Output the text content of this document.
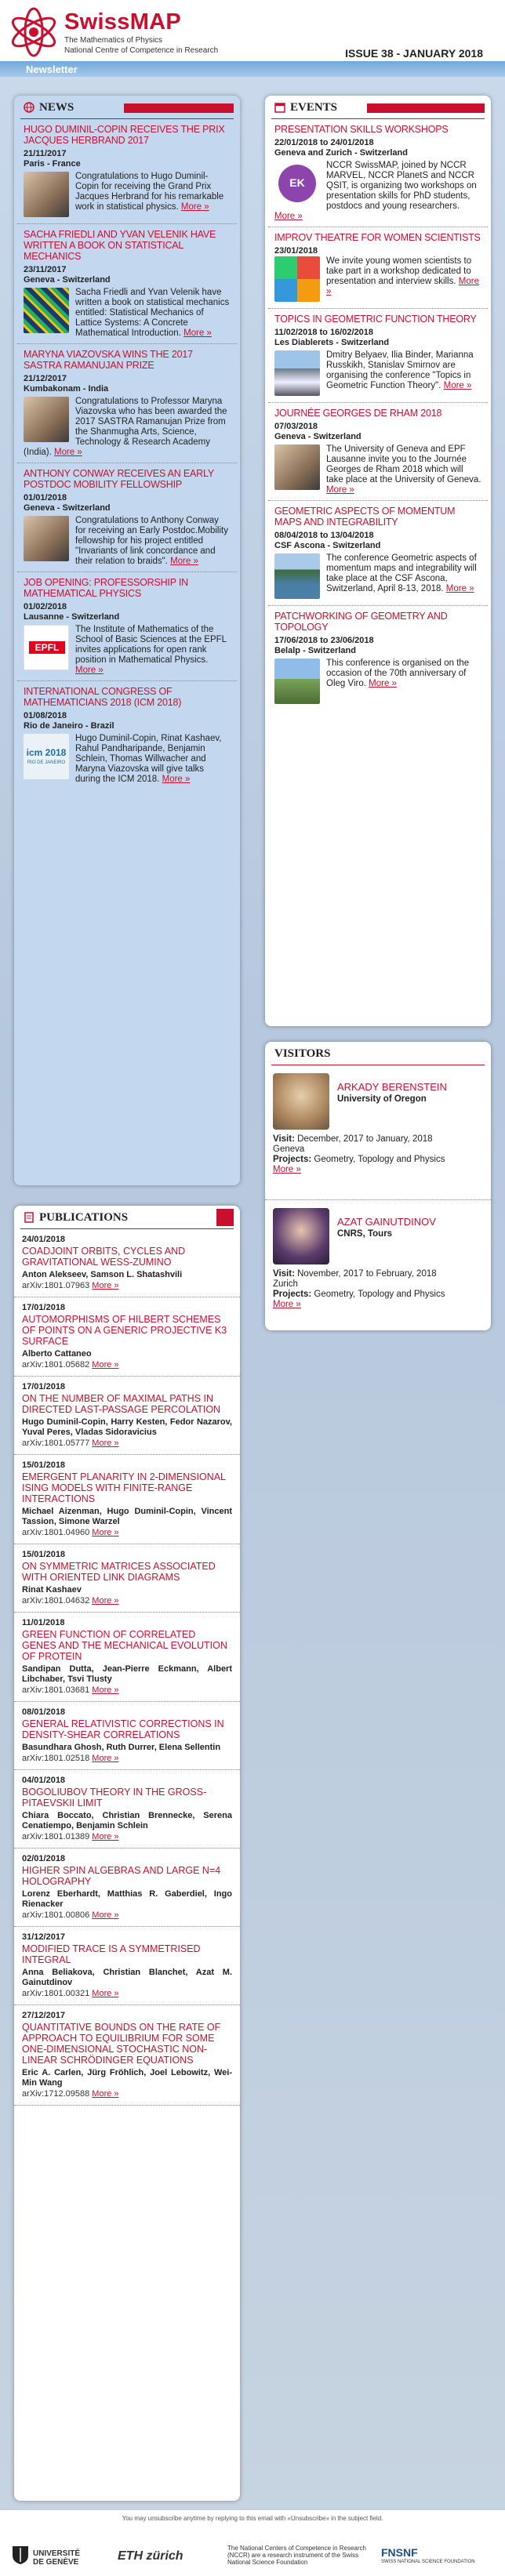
SwissMAP
The Mathematics of Physics
National Centre of Competence in Research	ISSUE 38 - JANUARY 2018
Newsletter
NEWS
HUGO DUMINIL-COPIN RECEIVES THE PRIX JACQUES HERBRAND 2017
21/11/2017
Paris - France
Congratulations to Hugo Duminil-Copin for receiving the Grand Prix Jacques Herbrand for his remarkable work in statistical physics. More »
SACHA FRIEDLI AND YVAN VELENIK HAVE WRITTEN A BOOK ON STATISTICAL MECHANICS
23/11/2017
Geneva - Switzerland
Sacha Friedli and Yvan Velenik have written a book on statistical mechanics entitled: Statistical Mechanics of Lattice Systems: A Concrete Mathematical Introduction. More »
MARYNA VIAZOVSKA WINS THE 2017 SASTRA RAMANUJAN PRIZE
21/12/2017
Kumbakonam - India
Congratulations to Professor Maryna Viazovska who has been awarded the 2017 SASTRA Ramanujan Prize from the Shanmugha Arts, Science, Technology & Research Academy (India). More »
ANTHONY CONWAY RECEIVES AN EARLY POSTDOC MOBILITY FELLOWSHIP
01/01/2018
Geneva - Switzerland
Congratulations to Anthony Conway for receiving an Early Postdoc.Mobility fellowship for his project entitled "Invariants of link concordance and their relation to braids". More »
JOB OPENING: PROFESSORSHIP IN MATHEMATICAL PHYSICS
01/02/2018
Lausanne - Switzerland
EPFL
The Institute of Mathematics of the School of Basic Sciences at the EPFL invites applications for open rank position in Mathematical Physics. More »
INTERNATIONAL CONGRESS OF MATHEMATICIANS 2018 (ICM 2018)
01/08/2018
Rio de Janeiro - Brazil
icm 2018
RIO DE JANEIRO
Hugo Duminil-Copin, Rinat Kashaev, Rahul Pandharipande, Benjamin Schlein, Thomas Willwacher and Maryna Viazovska will give talks during the ICM 2018. More »
PUBLICATIONS
24/01/2018
COADJOINT ORBITS, CYCLES AND GRAVITATIONAL WESS-ZUMINO
Anton Alekseev, Samson L. Shatashvili
arXiv:1801.07963 More »
17/01/2018
AUTOMORPHISMS OF HILBERT SCHEMES OF POINTS ON A GENERIC PROJECTIVE K3 SURFACE
Alberto Cattaneo
arXiv:1801.05682 More »
17/01/2018
ON THE NUMBER OF MAXIMAL PATHS IN DIRECTED LAST-PASSAGE PERCOLATION
Hugo Duminil-Copin, Harry Kesten, Fedor Nazarov, Yuval Peres, Vladas Sidoravicius
arXiv:1801.05777 More »
15/01/2018
EMERGENT PLANARITY IN 2-DIMENSIONAL ISING MODELS WITH FINITE-RANGE INTERACTIONS
Michael Aizenman, Hugo Duminil-Copin, Vincent Tassion, Simone Warzel
arXiv:1801.04960 More »
15/01/2018
ON SYMMETRIC MATRICES ASSOCIATED WITH ORIENTED LINK DIAGRAMS
Rinat Kashaev
arXiv:1801.04632 More »
11/01/2018
GREEN FUNCTION OF CORRELATED GENES AND THE MECHANICAL EVOLUTION OF PROTEIN
Sandipan Dutta, Jean-Pierre Eckmann, Albert Libchaber, Tsvi Tlusty
arXiv:1801.03681 More »
08/01/2018
GENERAL RELATIVISTIC CORRECTIONS IN DENSITY-SHEAR CORRELATIONS
Basundhara Ghosh, Ruth Durrer, Elena Sellentin
arXiv:1801.02518 More »
04/01/2018
BOGOLIUBOV THEORY IN THE GROSS-PITAEVSKII LIMIT
Chiara Boccato, Christian Brennecke, Serena Cenatiempo, Benjamin Schlein
arXiv:1801.01389 More »
02/01/2018
HIGHER SPIN ALGEBRAS AND LARGE N=4 HOLOGRAPHY
Lorenz Eberhardt, Matthias R. Gaberdiel, Ingo Rienacker
arXiv:1801.00806 More »
31/12/2017
MODIFIED TRACE IS A SYMMETRISED INTEGRAL
Anna Beliakova, Christian Blanchet, Azat M. Gainutdinov
arXiv:1801.00321 More »
27/12/2017
QUANTITATIVE BOUNDS ON THE RATE OF APPROACH TO EQUILIBRIUM FOR SOME ONE-DIMENSIONAL STOCHASTIC NON-LINEAR SCHRÖDINGER EQUATIONS
Eric A. Carlen, Jürg Fröhlich, Joel Lebowitz, Wei-Min Wang
arXiv:1712.09588 More »
EVENTS
PRESENTATION SKILLS WORKSHOPS
22/01/2018 to 24/01/2018
Geneva and Zurich - Switzerland
EK
NCCR SwissMAP, joined by NCCR MARVEL, NCCR PlanetS and NCCR QSIT, is organizing two workshops on presentation skills for PhD students, postdocs and young researchers. More »
IMPROV THEATRE FOR WOMEN SCIENTISTS
23/01/2018
We invite young women scientists to take part in a workshop dedicated to presentation and interview skills. More »
TOPICS IN GEOMETRIC FUNCTION THEORY
11/02/2018 to 16/02/2018
Les Diablerets - Switzerland
Dmitry Belyaev, Ilia Binder, Marianna Russkikh, Stanislav Smirnov are organising the conference "Topics in Geometric Function Theory". More »
JOURNÉE GEORGES DE RHAM 2018
07/03/2018
Geneva - Switzerland
The University of Geneva and EPF Lausanne invite you to the Journée Georges de Rham 2018 which will take place at the University of Geneva. More »
GEOMETRIC ASPECTS OF MOMENTUM MAPS AND INTEGRABILITY
08/04/2018 to 13/04/2018
CSF Ascona - Switzerland
The conference Geometric aspects of momentum maps and integrability will take place at the CSF Ascona, Switzerland, April 8-13, 2018. More »
PATCHWORKING OF GEOMETRY AND TOPOLOGY
17/06/2018 to 23/06/2018
Belalp - Switzerland
This conference is organised on the occasion of the 70th anniversary of Oleg Viro. More »
VISITORS
ARKADY BERENSTEIN
University of Oregon
Visit: December, 2017 to January, 2018
Geneva
Projects: Geometry, Topology and Physics
More »
AZAT GAINUTDINOV
CNRS, Tours
Visit: November, 2017 to February, 2018
Zurich
Projects: Geometry, Topology and Physics
More »
You may unsubscribe anytime by replying to this email with «Unsubscribe» in the subject field.
UNIVERSITÉ DE GENÈVE	ETH zürich
The National Centers of Competence in Research (NCCR) are a research instrument of the Swiss National Science Foundation
FNSNF
SWISS NATIONAL SCIENCE FOUNDATION
